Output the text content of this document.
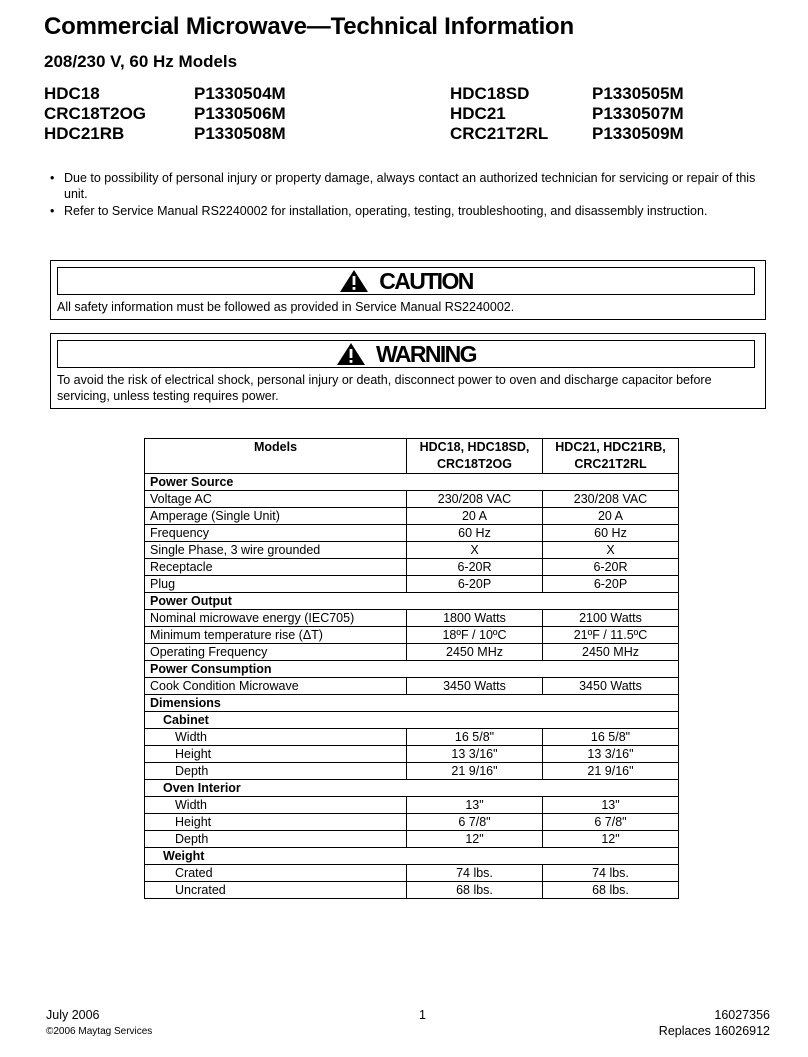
Commercial Microwave—Technical Information
208/230 V, 60 Hz Models
HDC18	P1330504M	HDC18SD	P1330505M
CRC18T2OG	P1330506M	HDC21	P1330507M
HDC21RB	P1330508M	CRC21T2RL	P1330509M
• Due to possibility of personal injury or property damage, always contact an authorized technician for servicing or repair of this unit.
• Refer to Service Manual RS2240002 for installation, operating, testing, troubleshooting, and disassembly instruction.
CAUTION
All safety information must be followed as provided in Service Manual RS2240002.
WARNING
To avoid the risk of electrical shock, personal injury or death, disconnect power to oven and discharge capacitor before servicing, unless testing requires power.
Models	HDC18, HDC18SD, CRC18T2OG	HDC21, HDC21RB, CRC21T2RL
Power Source		
Voltage AC	230/208 VAC	230/208 VAC
Amperage (Single Unit)	20 A	20 A
Frequency	60 Hz	60 Hz
Single Phase, 3 wire grounded	X	X
Receptacle	6-20R	6-20R
Plug	6-20P	6-20P
Power Output		
Nominal microwave energy (IEC705)	1800 Watts	2100 Watts
Minimum temperature rise (ΔT)	18ºF / 10ºC	21ºF / 11.5ºC
Operating Frequency	2450 MHz	2450 MHz
Power Consumption		
Cook Condition Microwave	3450 Watts	3450 Watts
Dimensions		
Cabinet		
Width	16 5/8"	16 5/8"
Height	13 3/16"	13 3/16"
Depth	21 9/16"	21 9/16"
Oven Interior		
Width	13"	13"
Height	6 7/8"	6 7/8"
Depth	12"	12"
Weight		
Crated	74 lbs.	74 lbs.
Uncrated	68 lbs.	68 lbs.
July 2006	1	16027356
©2006 Maytag Services	Replaces 16026912
